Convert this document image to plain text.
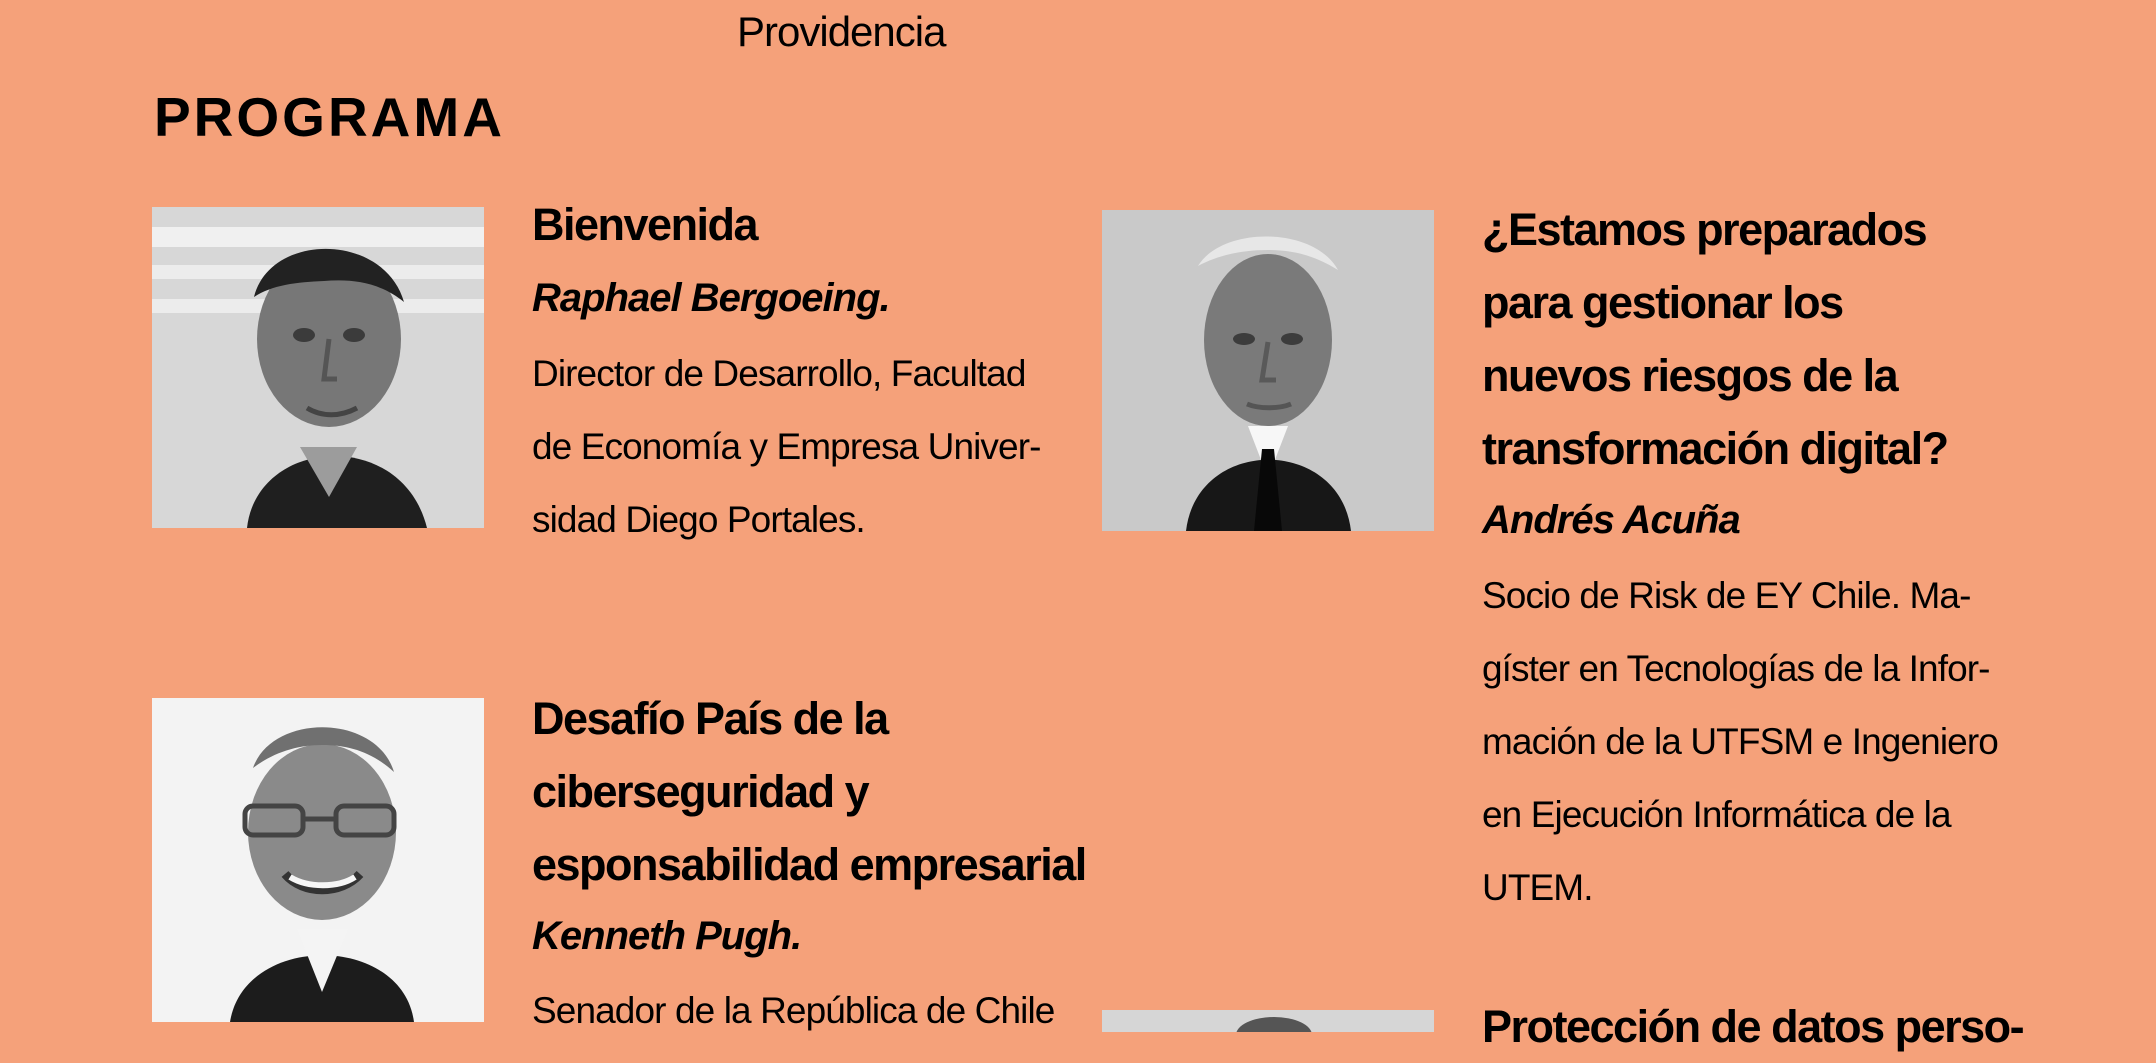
Providencia
PROGRAMA
Bienvenida
Raphael Bergoeing.
Director de Desarrollo, Facultad
de Economía y Empresa Univer-
sidad Diego Portales.
¿Estamos preparados
para gestionar los
nuevos riesgos de la
transformación digital?
Andrés Acuña
Socio de Risk de EY Chile. Ma-
gíster en Tecnologías de la Infor-
mación de la UTFSM e Ingeniero
en Ejecución Informática de la
UTEM.
Desafío País de la
ciberseguridad y
esponsabilidad empresarial
Kenneth Pugh.
Senador de la República de Chile	Protección de datos perso-
